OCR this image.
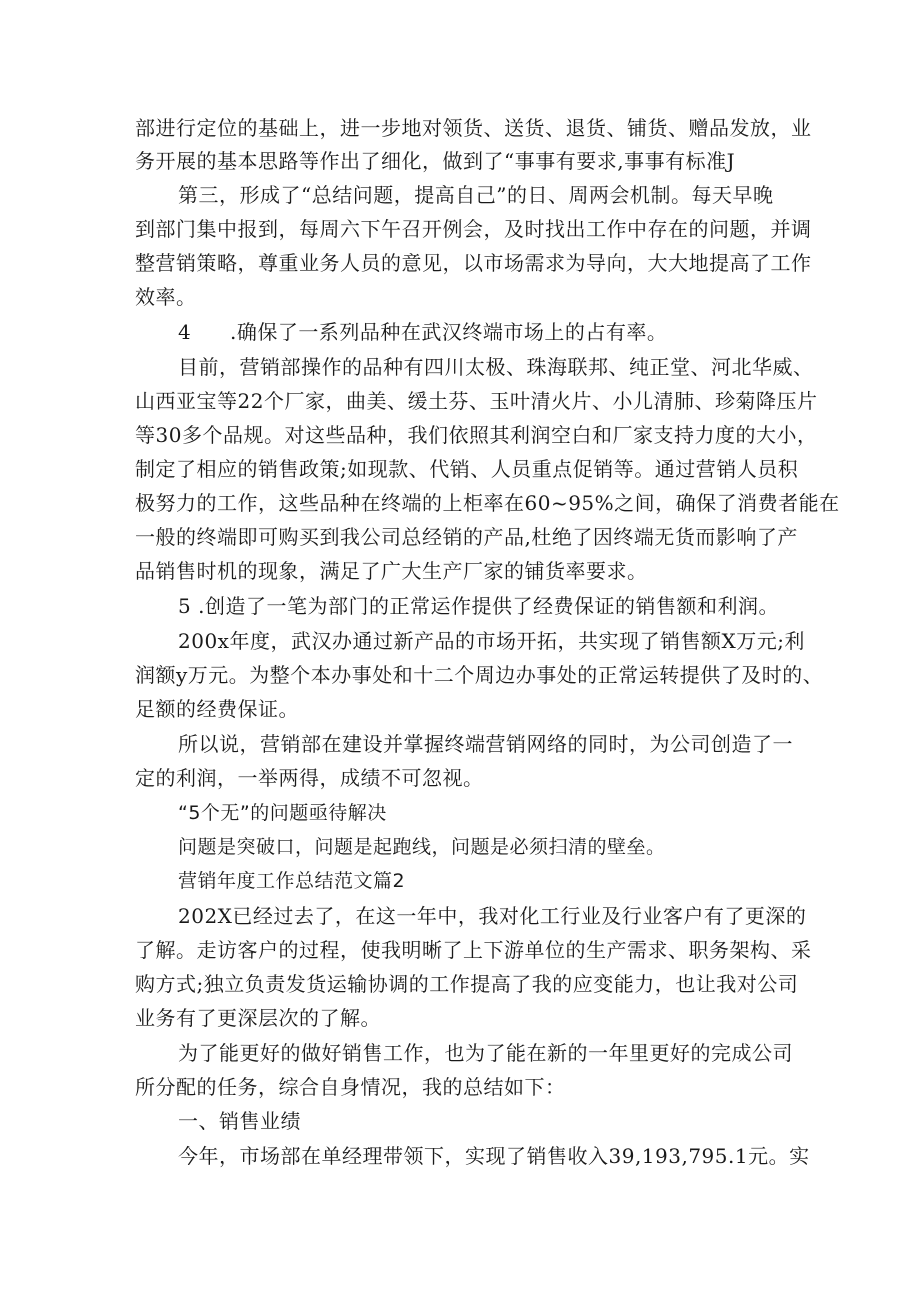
部进行定位的基础上，进一步地对领货、送货、退货、铺货、赠品发放，业
务开展的基本思路等作出了细化，做到了“事事有要求,事事有标准J
第三，形成了“总结问题，提高自己”的日、周两会机制。每天早晚
到部门集中报到，每周六下午召开例会，及时找出工作中存在的问题，并调
整营销策略，尊重业务人员的意见，以市场需求为导向，大大地提高了工作
效率。
4 .确保了一系列品种在武汉终端市场上的占有率。
目前，营销部操作的品种有四川太极、珠海联邦、纯正堂、河北华威、
山西亚宝等22个厂家，曲美、缓土芬、玉叶清火片、小儿清肺、珍菊降压片
等30多个品规。对这些品种，我们依照其利润空白和厂家支持力度的大小，
制定了相应的销售政策;如现款、代销、人员重点促销等。通过营销人员积
极努力的工作，这些品种在终端的上柜率在60~95%之间，确保了消费者能在
一般的终端即可购买到我公司总经销的产品,杜绝了因终端无货而影响了产
品销售时机的现象，满足了广大生产厂家的铺货率要求。
5 .创造了一笔为部门的正常运作提供了经费保证的销售额和利润。
200x年度，武汉办通过新产品的市场开拓，共实现了销售额X万元;利
润额y万元。为整个本办事处和十二个周边办事处的正常运转提供了及时的、
足额的经费保证。
所以说，营销部在建设并掌握终端营销网络的同时，为公司创造了一
定的利润，一举两得，成绩不可忽视。
“5个无”的问题亟待解决
问题是突破口，问题是起跑线，问题是必须扫清的壁垒。
营销年度工作总结范文篇2
202X已经过去了，在这一年中，我对化工行业及行业客户有了更深的
了解。走访客户的过程，使我明晰了上下游单位的生产需求、职务架构、采
购方式;独立负责发货运输协调的工作提高了我的应变能力，也让我对公司
业务有了更深层次的了解。
为了能更好的做好销售工作，也为了能在新的一年里更好的完成公司
所分配的任务，综合自身情况，我的总结如下：
一、销售业绩
今年，市场部在单经理带领下，实现了销售收入39,193,795.1元。实
